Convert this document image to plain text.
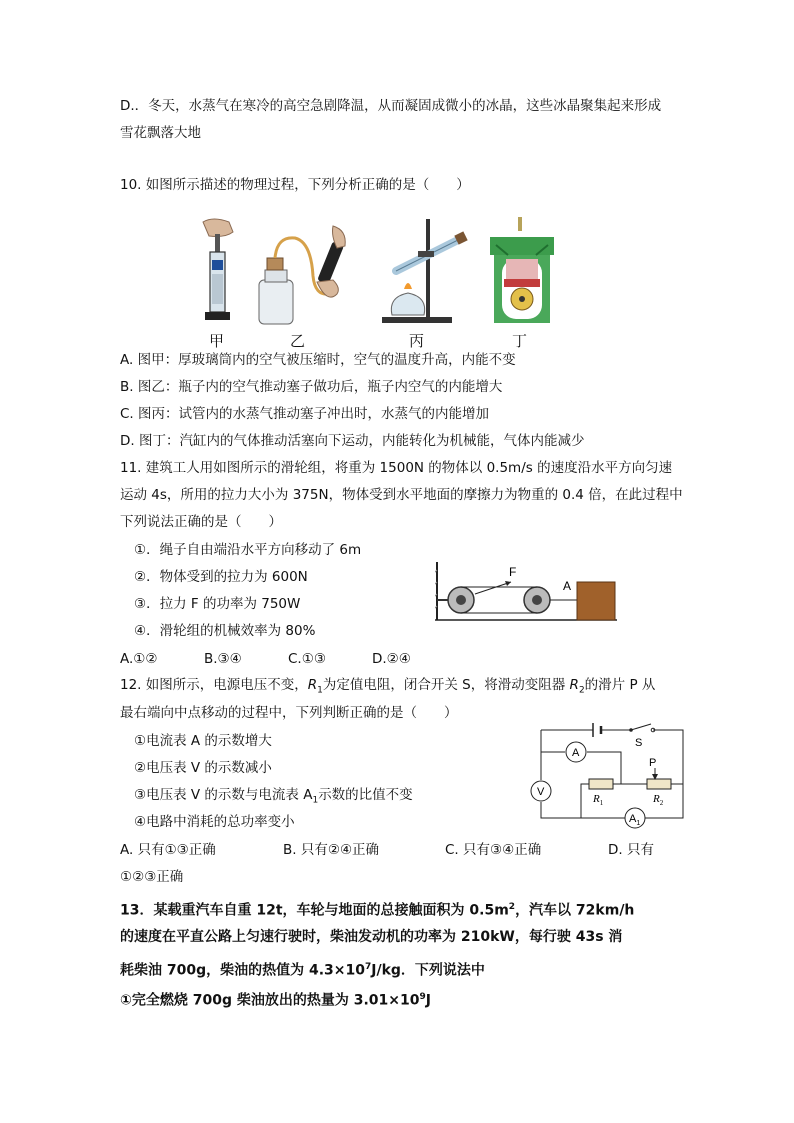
D.．冬天，水蒸气在寒冷的高空急剧降温，从而凝固成微小的冰晶，这些冰晶聚集起来形成
雪花飘落大地
10. 如图所示描述的物理过程，下列分析正确的是（　　）
甲	乙	丙	丁
A. 图甲：厚玻璃筒内的空气被压缩时，空气的温度升高，内能不变
B. 图乙：瓶子内的空气推动塞子做功后，瓶子内空气的内能增大
C. 图丙：试管内的水蒸气推动塞子冲出时，水蒸气的内能增加
D. 图丁：汽缸内的气体推动活塞向下运动，内能转化为机械能，气体内能减少
11. 建筑工人用如图所示的滑轮组，将重为 1500N 的物体以 0.5m/s 的速度沿水平方向匀速
运动 4s，所用的拉力大小为 375N，物体受到水平地面的摩擦力为物重的 0.4 倍，在此过程中
下列说法正确的是（　　）
①．绳子自由端沿水平方向移动了 6m
②．物体受到的拉力为 600N
③．拉力 F 的功率为 750W
④．滑轮组的机械效率为 80%
F
A
A.①②	B.③④	C.①③	D.②④
12. 如图所示，电源电压不变，$R_1$为定值电阻，闭合开关 S，将滑动变阻器 $R_2$的滑片 P 从
最右端向中点移动的过程中，下列判断正确的是（　　）
①电流表 A 的示数增大
②电压表 V 的示数减小
③电压表 V 的示数与电流表 $A_1$示数的比值不变
④电路中消耗的总功率变小
A
V
$A_1$
S
P
$R_1$	$R_2$
A. 只有①③正确	B. 只有②④正确	C. 只有③④正确	D. 只有
①②③正确
13．某载重汽车自重 12t，车轮与地面的总接触面积为 $0.5m^2$，汽车以 72km/h
的速度在平直公路上匀速行驶时，柴油发动机的功率为 210kW，每行驶 43s 消
耗柴油 700g，柴油的热值为 $4.3\times 10^7J/kg$．下列说法中
①完全燃烧 700g 柴油放出的热量为 $3.01\times 10^9J$
